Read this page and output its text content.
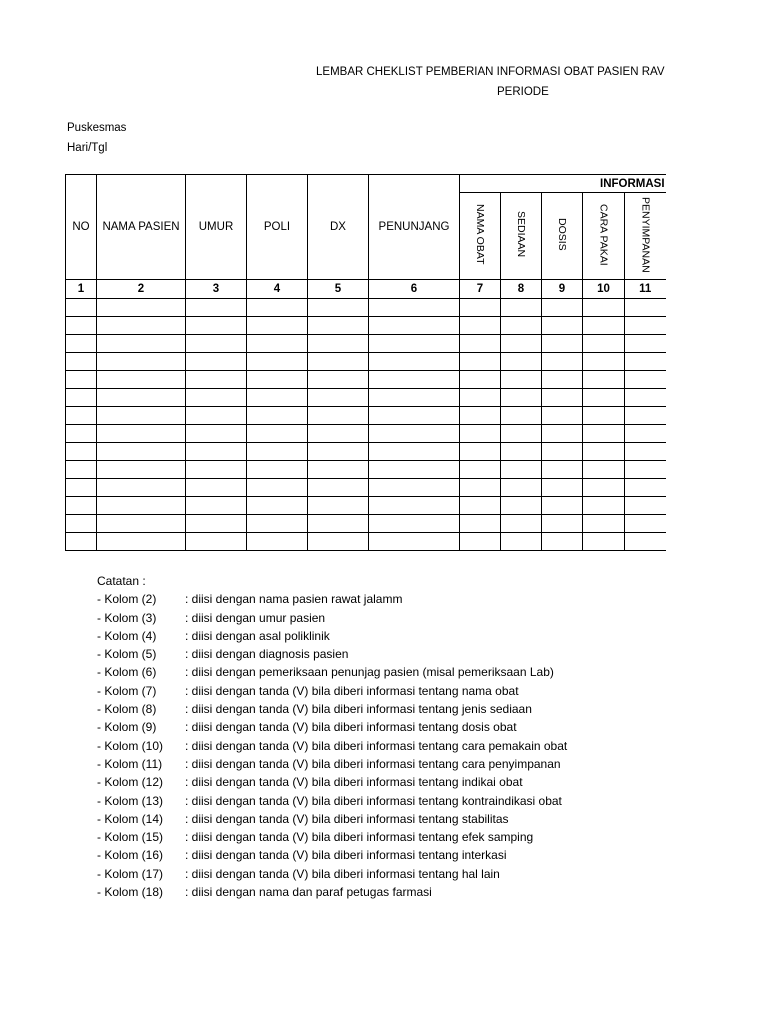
LEMBAR CHEKLIST PEMBERIAN INFORMASI OBAT PASIEN RAV
PERIODE
Puskesmas
Hari/Tgl
NO	NAMA PASIEN	UMUR	POLI	DX	PENUNJANG	INFORMASI				
						NAMA OBAT	SEDIAAN	DOSIS	CARA PAKAI	PENYIMPANAN
1	2	3	4	5	6	7	8	9	10	11

Catatan :
- Kolom (2)	: diisi dengan nama pasien rawat jalamm
- Kolom (3)	: diisi dengan umur pasien
- Kolom (4)	: diisi dengan asal poliklinik
- Kolom (5)	: diisi dengan diagnosis pasien
- Kolom (6)	: diisi dengan pemeriksaan penunjag pasien (misal pemeriksaan Lab)
- Kolom (7)	: diisi dengan tanda (V) bila diberi informasi tentang nama obat
- Kolom (8)	: diisi dengan tanda (V) bila diberi informasi tentang jenis sediaan
- Kolom (9)	: diisi dengan tanda (V) bila diberi informasi tentang dosis obat
- Kolom (10)	: diisi dengan tanda (V) bila diberi informasi tentang cara pemakain obat
- Kolom (11)	: diisi dengan tanda (V) bila diberi informasi tentang cara penyimpanan
- Kolom (12)	: diisi dengan tanda (V) bila diberi informasi tentang indikai obat
- Kolom (13)	: diisi dengan tanda (V) bila diberi informasi tentang kontraindikasi obat
- Kolom (14)	: diisi dengan tanda (V) bila diberi informasi tentang stabilitas
- Kolom (15)	: diisi dengan tanda (V) bila diberi informasi tentang efek samping
- Kolom (16)	: diisi dengan tanda (V) bila diberi informasi tentang interkasi
- Kolom (17)	: diisi dengan tanda (V) bila diberi informasi tentang hal lain
- Kolom (18)	: diisi dengan nama dan paraf petugas farmasi
